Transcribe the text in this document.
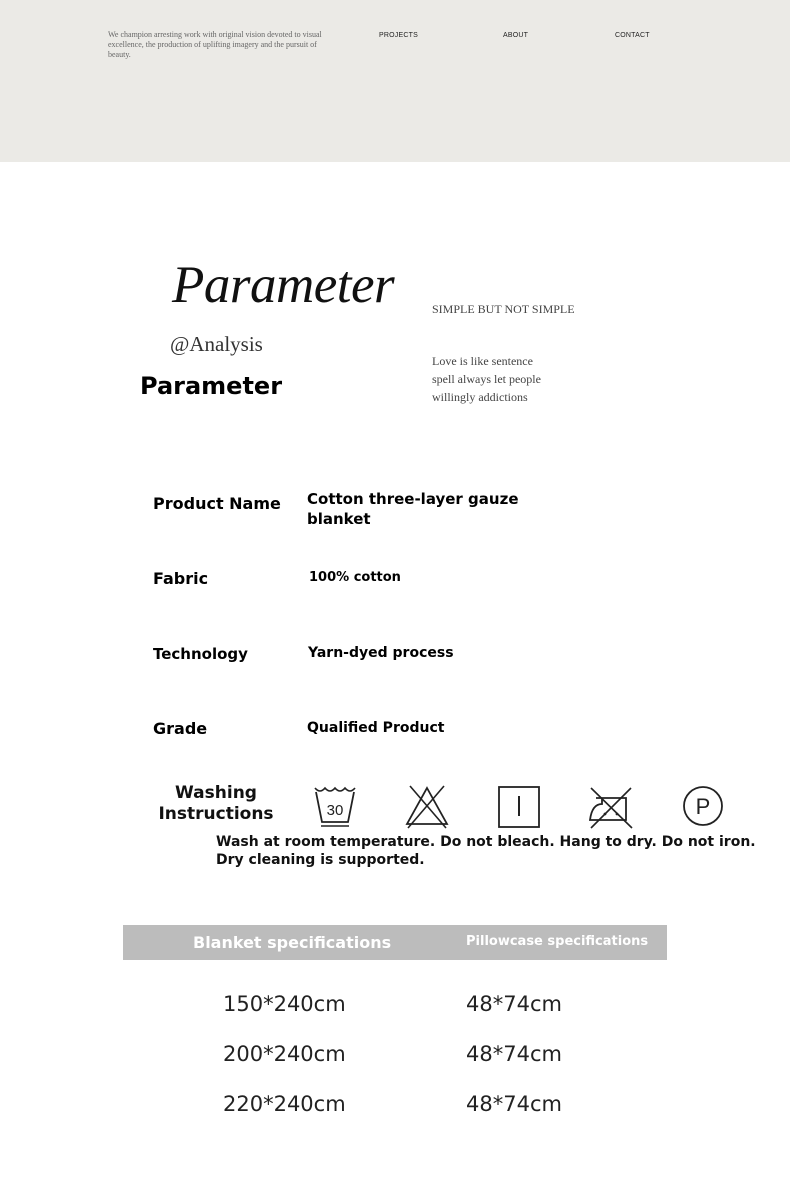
We champion arresting work with original vision devoted to visual excellence, the production of uplifting imagery and the pursuit of beauty.
PROJECTS	ABOUT	CONTACT
Parameter
@Analysis
Parameter
SIMPLE BUT NOT SIMPLE
Love is like sentence
spell always let people
willingly addictions
Product Name Cotton three-layer gauze blanket
Fabric	100% cotton
Technology	Yarn-dyed process
Grade	Qualified Product
Washing Instructions	30	P
Wash at room temperature. Do not bleach. Hang to dry. Do not iron. Dry cleaning is supported.
Blanket specifications	Pillowcase specifications
150*240cm	48*74cm
200*240cm	48*74cm
220*240cm	48*74cm
